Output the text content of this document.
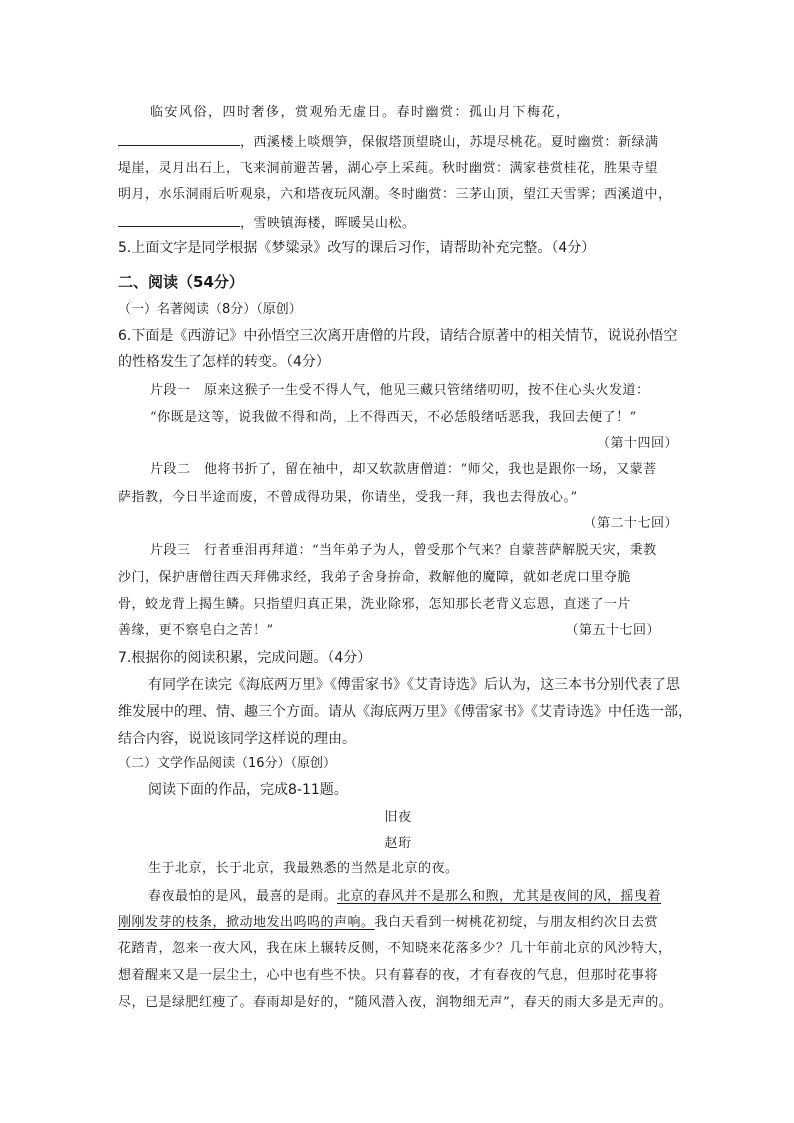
临安风俗，四时奢侈，赏观殆无虚日。春时幽赏：孤山月下梅花，
，西溪楼上啖煨笋，保俶塔顶望晓山，苏堤尽桃花。夏时幽赏：新绿满
堤崖，灵月出石上，飞来洞前避苦暑，湖心亭上采莼。秋时幽赏：满家巷赏桂花，胜果寺望
明月，水乐洞雨后听观泉，六和塔夜玩风潮。冬时幽赏：三茅山顶，望江天雪霁；西溪道中，
，雪映镇海楼，晖暖吴山松。
5.上面文字是同学根据《梦粱录》改写的课后习作，请帮助补充完整。（4分）
二、阅读（54分）
（一）名著阅读（8分）（原创）
6.下面是《西游记》中孙悟空三次离开唐僧的片段，请结合原著中的相关情节，说说孙悟空
的性格发生了怎样的转变。（4分）
片段一　原来这猴子一生受不得人气，他见三藏只管绪绪叨叨，按不住心头火发道：
“你既是这等，说我做不得和尚，上不得西天，不必恁般绪咶恶我，我回去便了！”
（第十四回）
片段二　他将书折了，留在袖中，却又软款唐僧道：“师父，我也是跟你一场，又蒙菩
萨指教，今日半途而废，不曾成得功果，你请坐，受我一拜，我也去得放心。”
（第二十七回）
片段三　行者垂泪再拜道：“当年弟子为人，曾受那个气来？自蒙菩萨解脱天灾，秉教
沙门，保护唐僧往西天拜佛求经，我弟子舍身拚命，救解他的魔障，就如老虎口里夺脆
骨，蛟龙背上揭生鳞。只指望归真正果，洗业除邪，怎知那长老背义忘恩，直迷了一片
善缘，更不察皂白之苦！”	（第五十七回）
7.根据你的阅读积累，完成问题。（4分）
有同学在读完《海底两万里》《傅雷家书》《艾青诗选》后认为，这三本书分别代表了思
维发展中的理、情、趣三个方面。请从《海底两万里》《傅雷家书》《艾青诗选》中任选一部，
结合内容，说说该同学这样说的理由。
（二）文学作品阅读（16分）（原创）
阅读下面的作品，完成8-11题。
旧夜
赵珩
生于北京，长于北京，我最熟悉的当然是北京的夜。
春夜最怕的是风，最喜的是雨。北京的春风并不是那么和煦，尤其是夜间的风，摇曳着
刚刚发芽的枝条，掀动地发出呜呜的声响。我白天看到一树桃花初绽，与朋友相约次日去赏
花踏青，忽来一夜大风，我在床上辗转反侧，不知晓来花落多少？几十年前北京的风沙特大，
想着醒来又是一层尘土，心中也有些不快。只有暮春的夜，才有春夜的气息，但那时花事将
尽，已是绿肥红瘦了。春雨却是好的，“随风潜入夜，润物细无声”，春天的雨大多是无声的。
